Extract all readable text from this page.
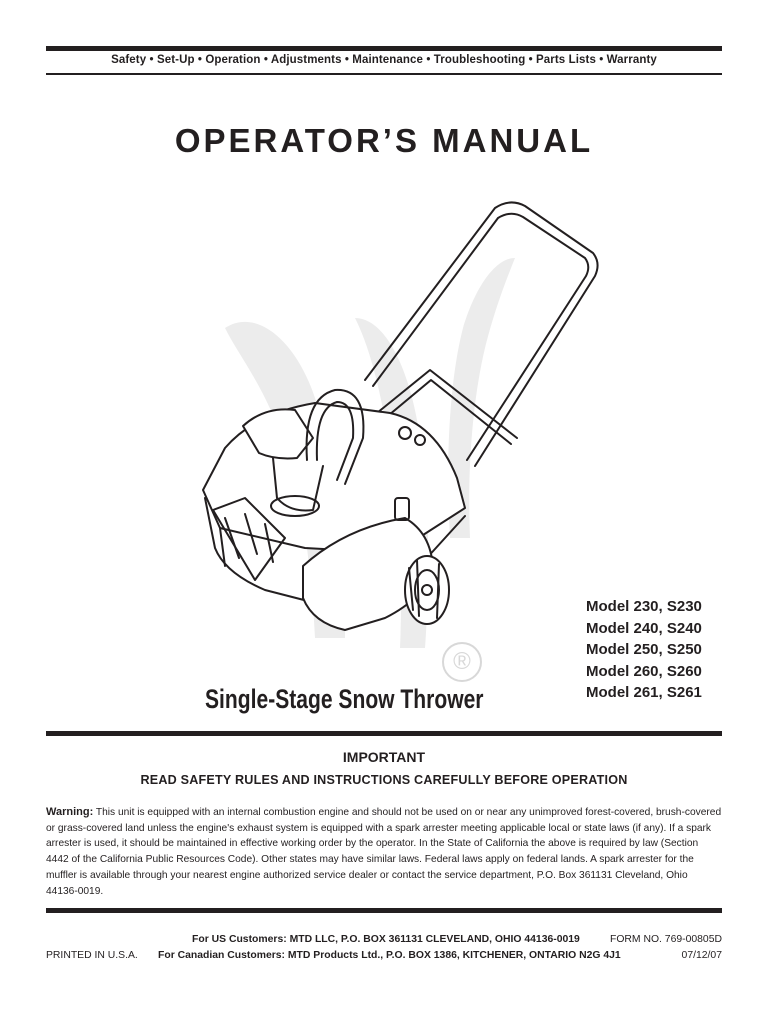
Safety • Set-Up • Operation • Adjustments • Maintenance • Troubleshooting • Parts Lists • Warranty
OPERATOR’S MANUAL
®
Model 230, S230
Model 240, S240
Model 250, S250
Model 260, S260
Model 261, S261
Single-Stage Snow Thrower
IMPORTANT
READ SAFETY RULES AND INSTRUCTIONS CAREFULLY BEFORE OPERATION
Warning: This unit is equipped with an internal combustion engine and should not be used on or near any unimproved forest-covered, brush-covered or grass-covered land unless the engine's exhaust system is equipped with a spark arrester meeting applicable local or state laws (if any). If a spark arrester is used, it should be maintained in effective working order by the operator. In the State of California the above is required by law (Section 4442 of the California Public Resources Code). Other states may have similar laws. Federal laws apply on federal lands. A spark arrester for the muffler is available through your nearest engine authorized service dealer or contact the service department, P.O. Box 361131 Cleveland, Ohio 44136-0019.
For US Customers: MTD LLC, P.O. BOX 361131 CLEVELAND, OHIO 44136-0019	FORM NO. 769-00805D
PRINTED IN U.S.A. For Canadian Customers: MTD Products Ltd., P.O. BOX 1386, KITCHENER, ONTARIO N2G 4J1	07/12/07
